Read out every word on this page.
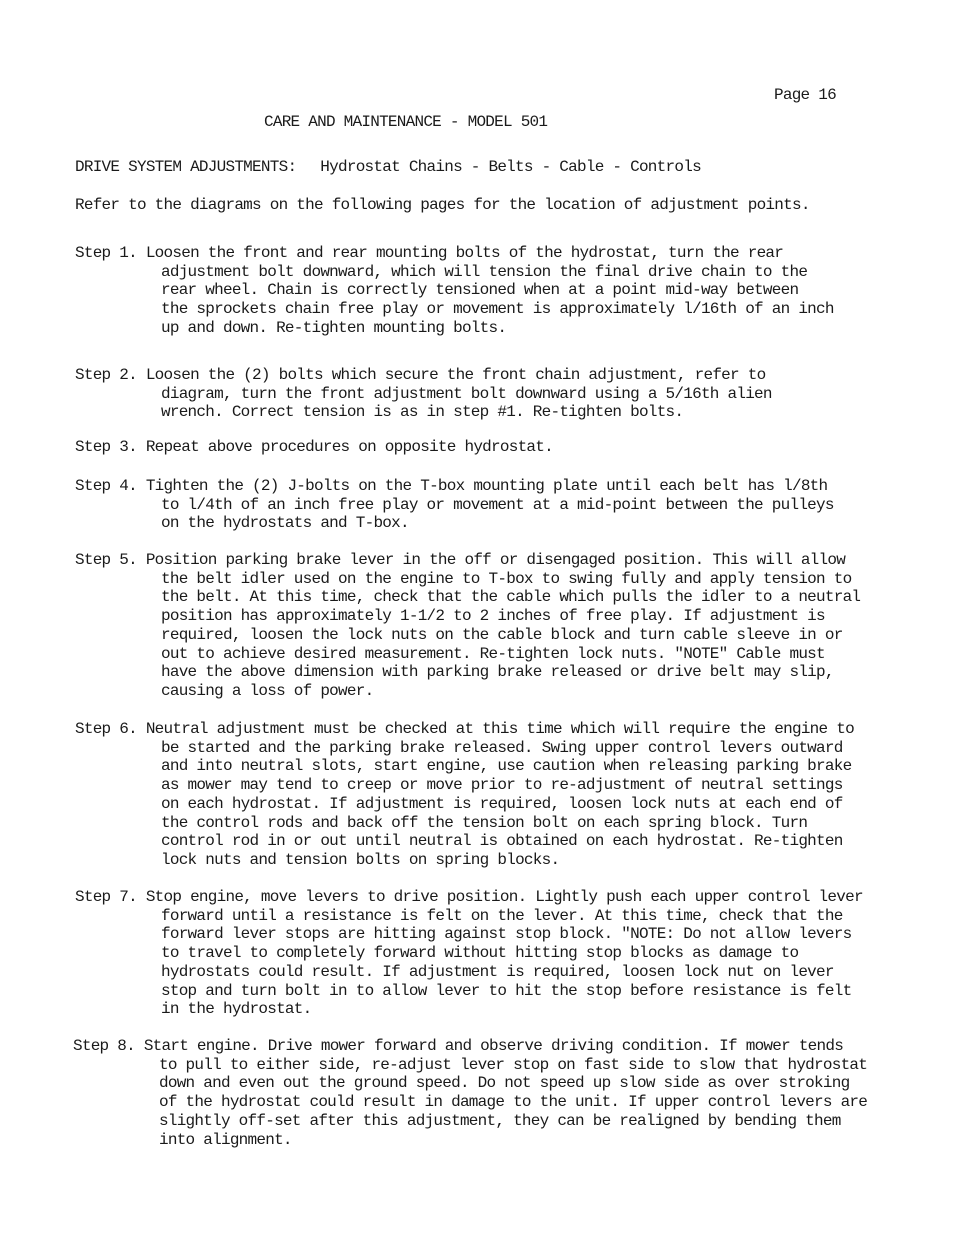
Page 16
CARE AND MAINTENANCE - MODEL 501
DRIVE SYSTEM ADJUSTMENTS: Hydrostat Chains - Belts - Cable - Controls
Refer to the diagrams on the following pages for the location of adjustment points.
Step 1. Loosen the front and rear mounting bolts of the hydrostat, turn the rear
adjustment bolt downward, which will tension the final drive chain to the
rear wheel. Chain is correctly tensioned when at a point mid-way between
the sprockets chain free play or movement is approximately l/16th of an inch
up and down. Re-tighten mounting bolts.
Step 2. Loosen the (2) bolts which secure the front chain adjustment, refer to
diagram, turn the front adjustment bolt downward using a 5/16th alien
wrench. Correct tension is as in step #1. Re-tighten bolts.
Step 3. Repeat above procedures on opposite hydrostat.
Step 4. Tighten the (2) J-bolts on the T-box mounting plate until each belt has l/8th
to l/4th of an inch free play or movement at a mid-point between the pulleys
on the hydrostats and T-box.
Step 5. Position parking brake lever in the off or disengaged position. This will allow
the belt idler used on the engine to T-box to swing fully and apply tension to
the belt. At this time, check that the cable which pulls the idler to a neutral
position has approximately 1-1/2 to 2 inches of free play. If adjustment is
required, loosen the lock nuts on the cable block and turn cable sleeve in or
out to achieve desired measurement. Re-tighten lock nuts. "NOTE" Cable must
have the above dimension with parking brake released or drive belt may slip,
causing a loss of power.
Step 6. Neutral adjustment must be checked at this time which will require the engine to
be started and the parking brake released. Swing upper control levers outward
and into neutral slots, start engine, use caution when releasing parking brake
as mower may tend to creep or move prior to re-adjustment of neutral settings
on each hydrostat. If adjustment is required, loosen lock nuts at each end of
the control rods and back off the tension bolt on each spring block. Turn
control rod in or out until neutral is obtained on each hydrostat. Re-tighten
lock nuts and tension bolts on spring blocks.
Step 7. Stop engine, move levers to drive position. Lightly push each upper control lever
forward until a resistance is felt on the lever. At this time, check that the
forward lever stops are hitting against stop block. "NOTE: Do not allow levers
to travel to completely forward without hitting stop blocks as damage to
hydrostats could result. If adjustment is required, loosen lock nut on lever
stop and turn bolt in to allow lever to hit the stop before resistance is felt
in the hydrostat.
Step 8. Start engine. Drive mower forward and observe driving condition. If mower tends
to pull to either side, re-adjust lever stop on fast side to slow that hydrostat
down and even out the ground speed. Do not speed up slow side as over stroking
of the hydrostat could result in damage to the unit. If upper control levers are
slightly off-set after this adjustment, they can be realigned by bending them
into alignment.
